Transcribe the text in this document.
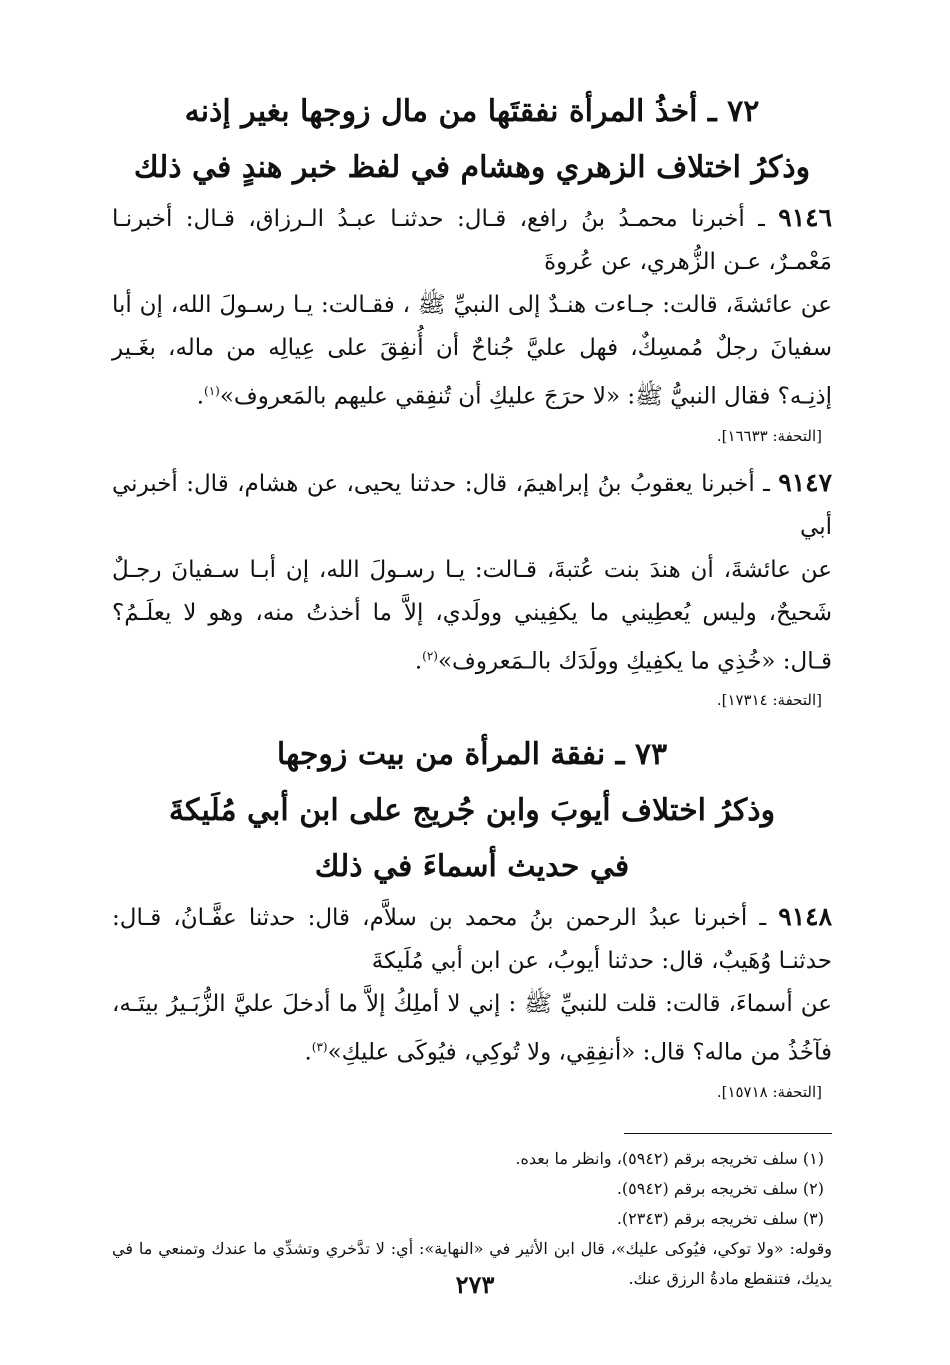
٧٢ ـ أخذُ المرأة نفقتَها من مال زوجها بغير إذنه
وذكرُ اختلاف الزهري وهشام في لفظ خبر هندٍ في ذلك

٩١٤٦ ـ أخبرنا محمـدُ بنُ رافع، قـال: حدثنـا عبـدُ الـرزاق، قـال: أخبرنـا مَعْمـرٌ، عـن الزُّهري، عن عُروةَ

عن عائشةَ، قالت: جـاءت هنـدٌ إلى النبيِّ ﷺ ، فقـالت: يـا رسـولَ الله، إن أبا سفيانَ رجلٌ مُمسِكٌ، فهل عليَّ جُناحٌ أن أُنفِقَ على عِيالِه من ماله، بغَـير إذنِـه؟ فقال النبيُّ ﷺ: «لا حرَجَ عليكِ أن تُنفِقي عليهم بالمَعروف»$^{(١)}$.

[التحفة: ١٦٦٣٣].

٩١٤٧ ـ أخبرنا يعقوبُ بنُ إبراهيمَ، قال: حدثنا يحيى، عن هشام، قال: أخبرني أبي

عن عائشةَ، أن هندَ بنت عُتبةَ، قـالت: يـا رسـولَ الله، إن أبـا سـفيانَ رجـلٌ شَحيحٌ، وليس يُعطِيني ما يكفِيني وولَدي، إلاَّ ما أخذتُ منه، وهو لا يعلَـمُ؟ قـال: «خُذِي ما يكفِيكِ وولَدَك بالـمَعروف»$^{(٢)}$.

[التحفة: ١٧٣١٤].
٧٣ ـ نفقة المرأة من بيت زوجها
وذكرُ اختلاف أيوبَ وابن جُريج على ابن أبي مُلَيكةَ
في حديث أسماءَ في ذلك

٩١٤٨ ـ أخبرنا عبدُ الرحمن بنُ محمد بن سلاَّم، قال: حدثنا عفَّـانُ، قـال: حدثنـا وُهَيبٌ، قال: حدثنا أيوبُ، عن ابن أبي مُلَيكةَ

عن أسماءَ، قالت: قلت للنبيِّ ﷺ : إني لا أملِكُ إلاَّ ما أدخلَ عليَّ الزُّبَـيرُ بيتَـه، فآخُذُ من ماله؟ قال: «أنفِقِي، ولا تُوكِي، فيُوكَى عليكِ»$^{(٣)}$.

[التحفة: ١٥٧١٨].

(١) سلف تخريجه برقم (٥٩٤٢)، وانظر ما بعده.

(٢) سلف تخريجه برقم (٥٩٤٢).

(٣) سلف تخريجه برقم (٢٣٤٣).

وقوله: «ولا توكي، فيُوكى عليك»، قال ابن الأثير في «النهاية»: أي: لا تدَّخري وتشدِّي ما عندك وتمنعي ما في يديك، فتنقطع مادةُ الرزق عنك.

٢٧٣
